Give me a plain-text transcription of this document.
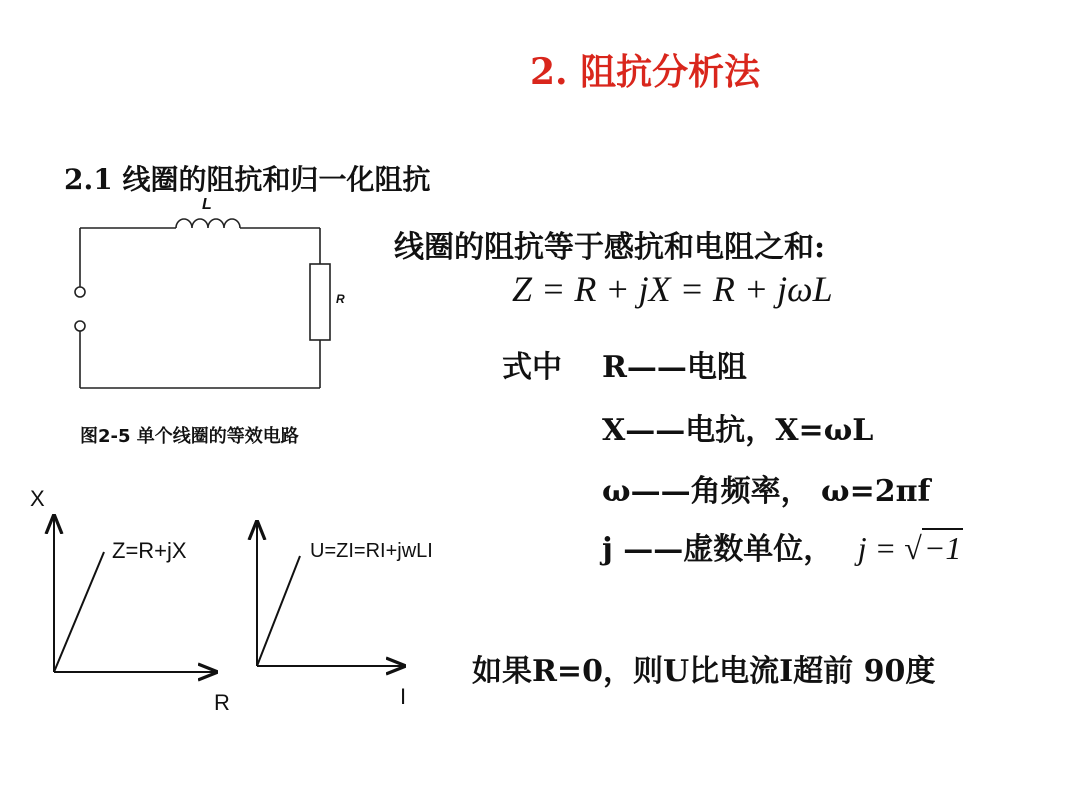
2. 阻抗分析法
2.1 线圈的阻抗和归一化阻抗
L
R
图2-5 单个线圈的等效电路
X
R
Z=R+jX
I
U=ZI=RI+jwLI
线圈的阻抗等于感抗和电阻之和:
Z = R + jX = R + jωL
式中 R——电阻
X——电抗，X=ωL
ω——角频率， ω=2πf
j ——虚数单位， j = √−1
如果R=0，则U比电流I超前 90度
